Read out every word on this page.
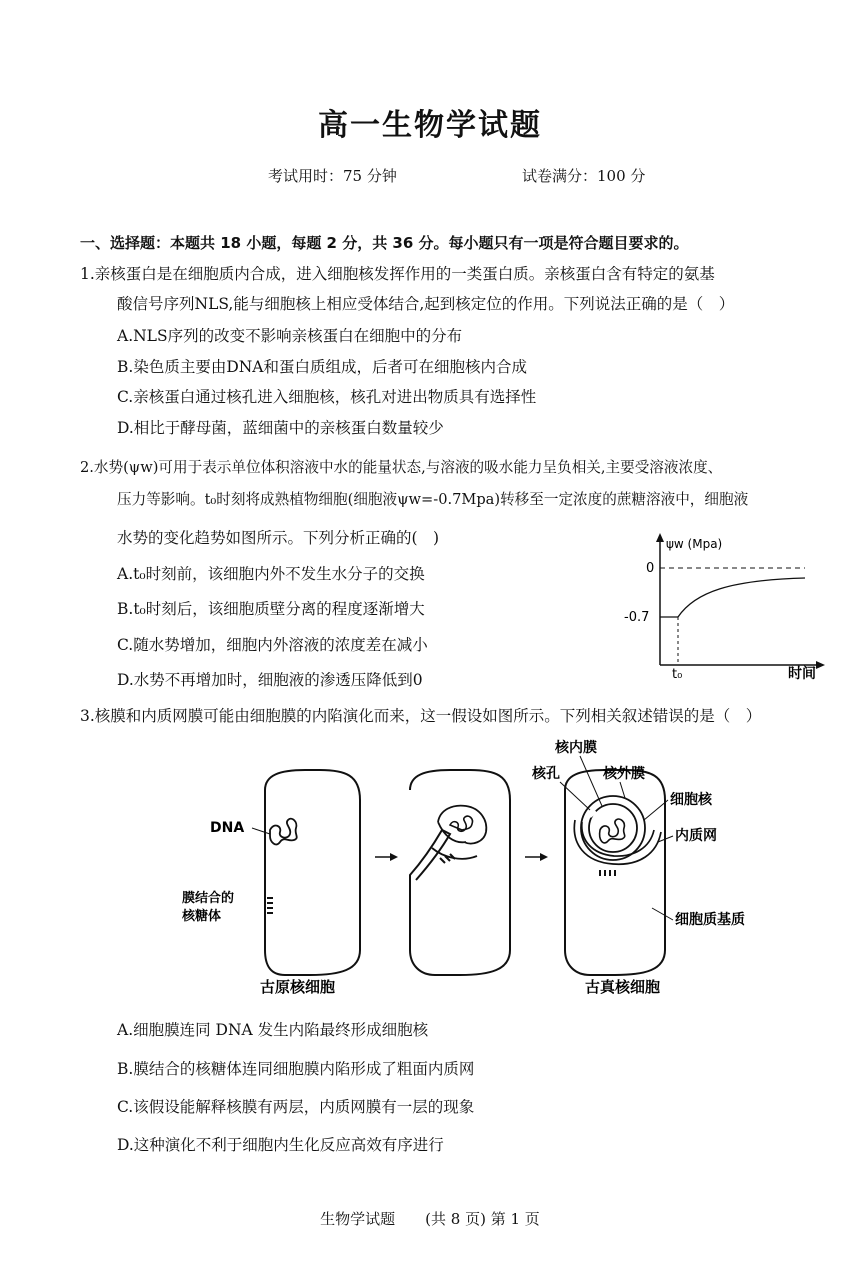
高一生物学试题
考试用时：75 分钟	试卷满分：100 分
一、选择题：本题共 18 小题，每题 2 分，共 36 分。每小题只有一项是符合题目要求的。
1.亲核蛋白是在细胞质内合成，进入细胞核发挥作用的一类蛋白质。亲核蛋白含有特定的氨基
酸信号序列NLS,能与细胞核上相应受体结合,起到核定位的作用。下列说法正确的是（　）
A.NLS序列的改变不影响亲核蛋白在细胞中的分布
B.染色质主要由DNA和蛋白质组成，后者可在细胞核内合成
C.亲核蛋白通过核孔进入细胞核，核孔对进出物质具有选择性
D.相比于酵母菌，蓝细菌中的亲核蛋白数量较少
2.水势(ψw)可用于表示单位体积溶液中水的能量状态,与溶液的吸水能力呈负相关,主要受溶液浓度、
压力等影响。t₀时刻将成熟植物细胞(细胞液ψw=-0.7Mpa)转移至一定浓度的蔗糖溶液中，细胞液
水势的变化趋势如图所示。下列分析正确的(　)
A.t₀时刻前，该细胞内外不发生水分子的交换
B.t₀时刻后，该细胞质壁分离的程度逐渐增大
C.随水势增加，细胞内外溶液的浓度差在减小
D.水势不再增加时，细胞液的渗透压降低到0
ψw (Mpa)
0
-0.7
t₀	时间
3.核膜和内质网膜可能由细胞膜的内陷演化而来，这一假设如图所示。下列相关叙述错误的是（　）
DNA
膜结合的
核糖体
古原核细胞
核内膜
核孔	核外膜
细胞核
内质网
细胞质基质
古真核细胞
A.细胞膜连同 DNA 发生内陷最终形成细胞核
B.膜结合的核糖体连同细胞膜内陷形成了粗面内质网
C.该假设能解释核膜有两层，内质网膜有一层的现象
D.这种演化不利于细胞内生化反应高效有序进行
生物学试题　　(共 8 页) 第 1 页
